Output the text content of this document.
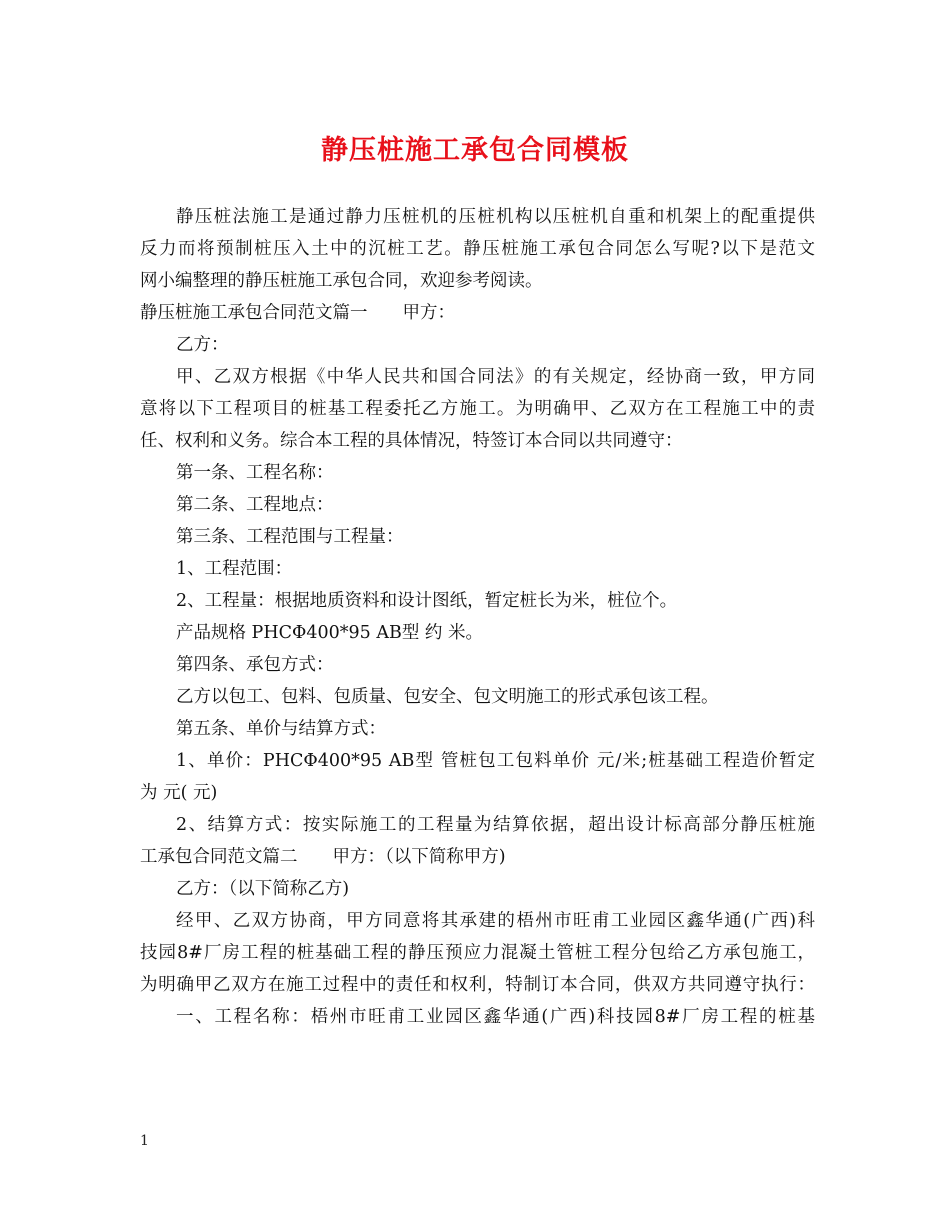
静压桩施工承包合同模板
静压桩法施工是通过静力压桩机的压桩机构以压桩机自重和机架上的配重提供
反力而将预制桩压入土中的沉桩工艺。静压桩施工承包合同怎么写呢?以下是范文
网小编整理的静压桩施工承包合同，欢迎参考阅读。
静压桩施工承包合同范文篇一　　甲方：
乙方：
甲、乙双方根据《中华人民共和国合同法》的有关规定，经协商一致，甲方同
意将以下工程项目的桩基工程委托乙方施工。为明确甲、乙双方在工程施工中的责
任、权利和义务。综合本工程的具体情况，特签订本合同以共同遵守：
第一条、工程名称：
第二条、工程地点：
第三条、工程范围与工程量：
1、工程范围：
2、工程量：根据地质资料和设计图纸，暂定桩长为米，桩位个。
产品规格 PHCΦ400*95 AB型 约 米。
第四条、承包方式：
乙方以包工、包料、包质量、包安全、包文明施工的形式承包该工程。
第五条、单价与结算方式：
1、单价：PHCΦ400*95 AB型 管桩包工包料单价 元/米;桩基础工程造价暂定
为 元( 元)
2、结算方式：按实际施工的工程量为结算依据，超出设计标高部分静压桩施
工承包合同范文篇二　　甲方：（以下简称甲方)
乙方：（以下简称乙方)
经甲、乙双方协商，甲方同意将其承建的梧州市旺甫工业园区鑫华通(广西)科
技园8#厂房工程的桩基础工程的静压预应力混凝土管桩工程分包给乙方承包施工，
为明确甲乙双方在施工过程中的责任和权利，特制订本合同，供双方共同遵守执行：
一、工程名称：梧州市旺甫工业园区鑫华通(广西)科技园8#厂房工程的桩基
1
